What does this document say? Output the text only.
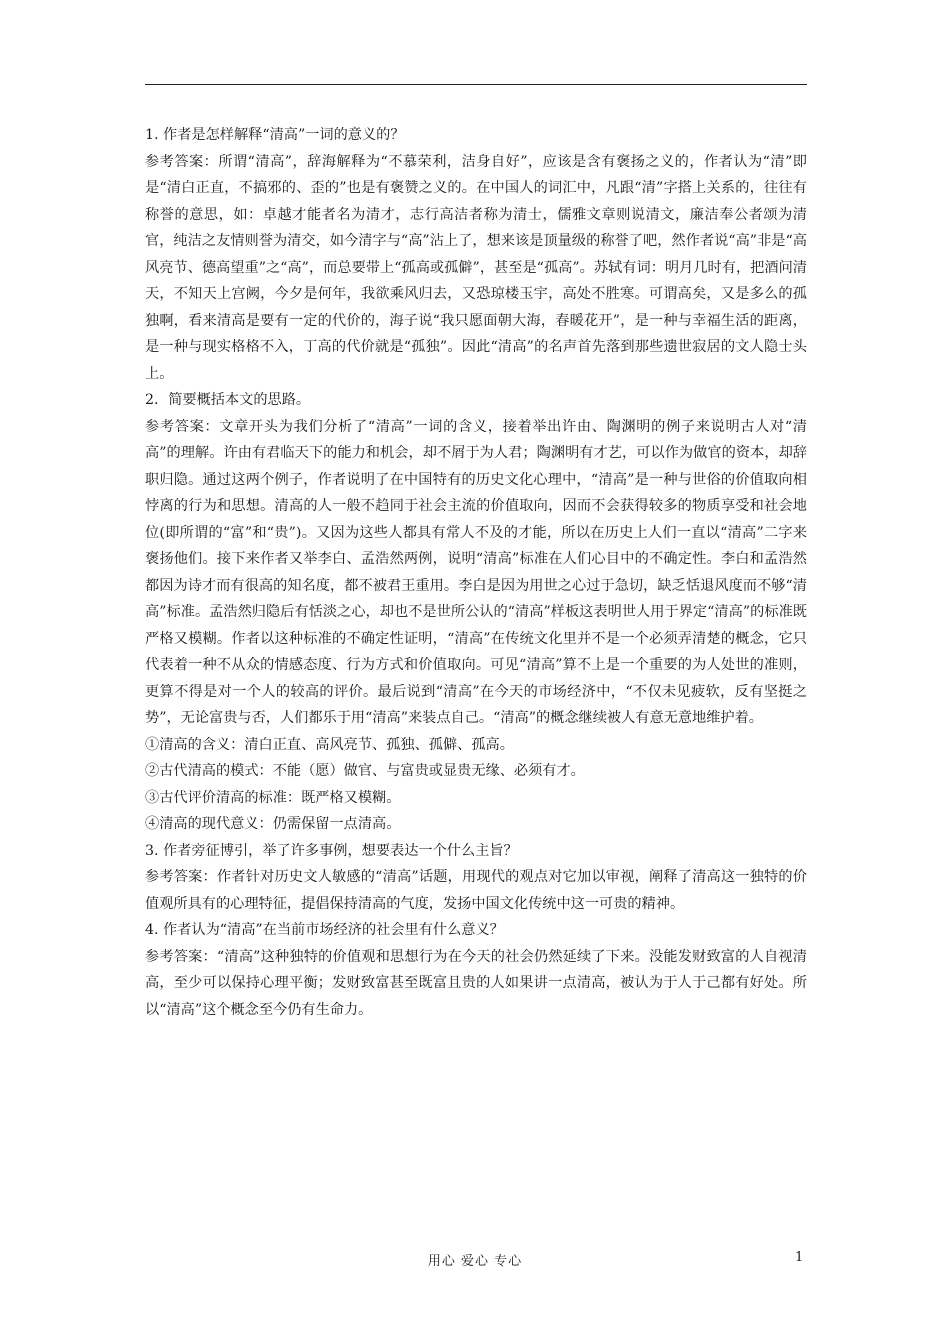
1. 作者是怎样解释“清高”一词的意义的？

参考答案：所谓“清高”，辞海解释为“不慕荣利，洁身自好”，应该是含有褒扬之义的，作者认为“清”即是“清白正直，不搞邪的、歪的”也是有褒赞之义的。在中国人的词汇中，凡跟“清”字搭上关系的，往往有称誉的意思，如：卓越才能者名为清才，志行高洁者称为清士，儒雅文章则说清文，廉洁奉公者颂为清官，纯洁之友情则誉为清交，如今清字与“高”沾上了，想来该是顶量级的称誉了吧，然作者说“高”非是“高风亮节、德高望重”之“高”，而总要带上“孤高或孤僻”，甚至是“孤高”。苏轼有词：明月几时有，把酒问清天，不知天上宫阙，今夕是何年，我欲乘风归去，又恐琼楼玉宇，高处不胜寒。可谓高矣，又是多么的孤独啊，看来清高是要有一定的代价的，海子说“我只愿面朝大海，春暖花开”，是一种与幸福生活的距离，是一种与现实格格不入，丁高的代价就是“孤独”。因此“清高”的名声首先落到那些遗世寂居的文人隐士头上。

2．简要概括本文的思路。

参考答案：文章开头为我们分析了“清高”一词的含义，接着举出许由、陶渊明的例子来说明古人对“清高”的理解。许由有君临天下的能力和机会，却不屑于为人君；陶渊明有才艺，可以作为做官的资本，却辞职归隐。通过这两个例子，作者说明了在中国特有的历史文化心理中，“清高”是一种与世俗的价值取向相悖离的行为和思想。清高的人一般不趋同于社会主流的价值取向，因而不会获得较多的物质享受和社会地位(即所谓的“富”和“贵”)。又因为这些人都具有常人不及的才能，所以在历史上人们一直以“清高”二字来褒扬他们。接下来作者又举李白、孟浩然两例，说明“清高”标准在人们心目中的不确定性。李白和孟浩然都因为诗才而有很高的知名度，都不被君王重用。李白是因为用世之心过于急切，缺乏恬退风度而不够“清高”标准。孟浩然归隐后有恬淡之心，却也不是世所公认的“清高”样板这表明世人用于界定“清高”的标准既严格又模糊。作者以这种标准的不确定性证明，“清高”在传统文化里并不是一个必须弄清楚的概念，它只代表着一种不从众的情感态度、行为方式和价值取向。可见“清高”算不上是一个重要的为人处世的准则，更算不得是对一个人的较高的评价。最后说到“清高”在今天的市场经济中，“不仅未见疲软，反有坚挺之势”，无论富贵与否，人们都乐于用“清高”来装点自己。“清高”的概念继续被人有意无意地维护着。

①清高的含义：清白正直、高风亮节、孤独、孤僻、孤高。

②古代清高的模式：不能（愿）做官、与富贵或显贵无缘、必须有才。

③古代评价清高的标准：既严格又模糊。

④清高的现代意义：仍需保留一点清高。

3. 作者旁征博引，举了许多事例，想要表达一个什么主旨？

参考答案：作者针对历史文人敏感的“清高”话题，用现代的观点对它加以审视，阐释了清高这一独特的价值观所具有的心理特征，提倡保持清高的气度，发扬中国文化传统中这一可贵的精神。

4. 作者认为“清高”在当前市场经济的社会里有什么意义？

参考答案：“清高”这种独特的价值观和思想行为在今天的社会仍然延续了下来。没能发财致富的人自视清高，至少可以保持心理平衡；发财致富甚至既富且贵的人如果讲一点清高，被认为于人于己都有好处。所以“清高”这个概念至今仍有生命力。

用心 爱心 专心	1
